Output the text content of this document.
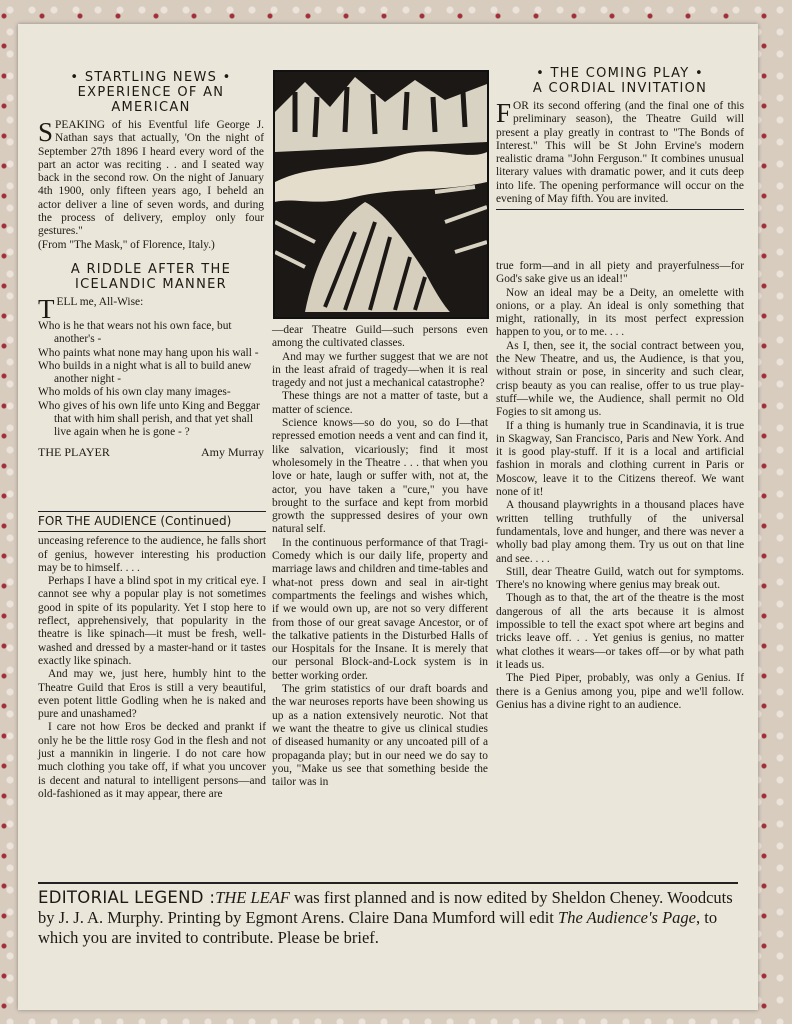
• STARTLING NEWS •
EXPERIENCE OF AN AMERICAN

SPEAKING of his Eventful life George J. Nathan says that actually, 'On the night of September 27th 1896 I heard every word of the part an actor was reciting . . and I seated way back in the second row. On the night of January 4th 1900, only fifteen years ago, I beheld an actor deliver a line of seven words, and during the process of delivery, employ only four gestures."

(From "The Mask," of Florence, Italy.)

A RIDDLE AFTER THE
ICELANDIC MANNER
TELL me, All-Wise:
Who is he that wears not his own face, but another's -
Who paints what none may hang upon his wall -
Who builds in a night what is all to build anew another night -
Who molds of his own clay many images-
Who gives of his own life unto King and Beggar that with him shall perish, and that yet shall live again when he is gone - ?
THE PLAYER	Amy Murray
FOR THE AUDIENCE (Continued)

unceasing reference to the audience, he falls short of genius, however interesting his production may be to himself. . . .

Perhaps I have a blind spot in my critical eye. I cannot see why a popular play is not sometimes good in spite of its popularity. Yet I stop here to reflect, apprehensively, that popularity in the theatre is like spinach—it must be fresh, well-washed and dressed by a master-hand or it tastes exactly like spinach.

And may we, just here, humbly hint to the Theatre Guild that Eros is still a very beautiful, even potent little Godling when he is naked and pure and unashamed?

I care not how Eros be decked and prankt if only he be the little rosy God in the flesh and not just a mannikin in lingerie. I do not care how much clothing you take off, if what you uncover is decent and natural to intelligent persons—and old-fashioned as it may appear, there are

—dear Theatre Guild—such persons even among the cultivated classes.

And may we further suggest that we are not in the least afraid of tragedy—when it is real tragedy and not just a mechanical catastrophe?

These things are not a matter of taste, but a matter of science.

Science knows—so do you, so do I—that repressed emotion needs a vent and can find it, like salvation, vicariously; find it most wholesomely in the Theatre . . . that when you love or hate, laugh or suffer with, not at, the actor, you have taken a "cure," you have brought to the surface and kept from morbid growth the suppressed desires of your own natural self.

In the continuous performance of that Tragi-Comedy which is our daily life, property and marriage laws and children and time-tables and what-not press down and seal in air-tight compartments the feelings and wishes which, if we would own up, are not so very different from those of our great savage Ancestor, or of the talkative patients in the Disturbed Halls of our Hospitals for the Insane. It is merely that our personal Block-and-Lock system is in better working order.

The grim statistics of our draft boards and the war neuroses reports have been showing us up as a nation extensively neurotic. Not that we want the theatre to give us clinical studies of diseased humanity or any uncoated pill of a propaganda play; but in our need we do say to you, "Make us see that something beside the tailor was in

• THE COMING PLAY •
A CORDIAL INVITATION

FOR its second offering (and the final one of this preliminary season), the Theatre Guild will present a play greatly in contrast to "The Bonds of Interest." This will be St John Ervine's modern realistic drama "John Ferguson." It combines unusual literary values with dramatic power, and it cuts deep into life. The opening performance will occur on the evening of May fifth. You are invited.

true form—and in all piety and prayerfulness—for God's sake give us an ideal!"

Now an ideal may be a Deity, an omelette with onions, or a play. An ideal is only something that might, rationally, in its most perfect expression happen to you, or to me. . . .

As I, then, see it, the social contract between you, the New Theatre, and us, the Audience, is that you, without strain or pose, in sincerity and such clear, crisp beauty as you can realise, offer to us true play-stuff—while we, the Audience, shall permit no Old Fogies to sit among us.

If a thing is humanly true in Scandinavia, it is true in Skagway, San Francisco, Paris and New York. And it is good play-stuff. If it is a local and artificial fashion in morals and clothing current in Paris or Moscow, leave it to the Citizens thereof. We want none of it!

A thousand playwrights in a thousand places have written telling truthfully of the universal fundamentals, love and hunger, and there was never a wholly bad play among them. Try us out on that line and see. . . .

Still, dear Theatre Guild, watch out for symptoms. There's no knowing where genius may break out.

Though as to that, the art of the theatre is the most dangerous of all the arts because it is almost impossible to tell the exact spot where art begins and tricks leave off. . . Yet genius is genius, no matter what clothes it wears—or takes off—or by what path it leads us.

The Pied Piper, probably, was only a Genius. If there is a Genius among you, pipe and we'll follow. Genius has a divine right to an audience.

EDITORIAL LEGEND :THE LEAF was first planned and is now edited by Sheldon Cheney. Woodcuts by J. J. A. Murphy. Printing by Egmont Arens. Claire Dana Mumford will edit The Audience's Page, to which you are invited to contribute. Please be brief.
